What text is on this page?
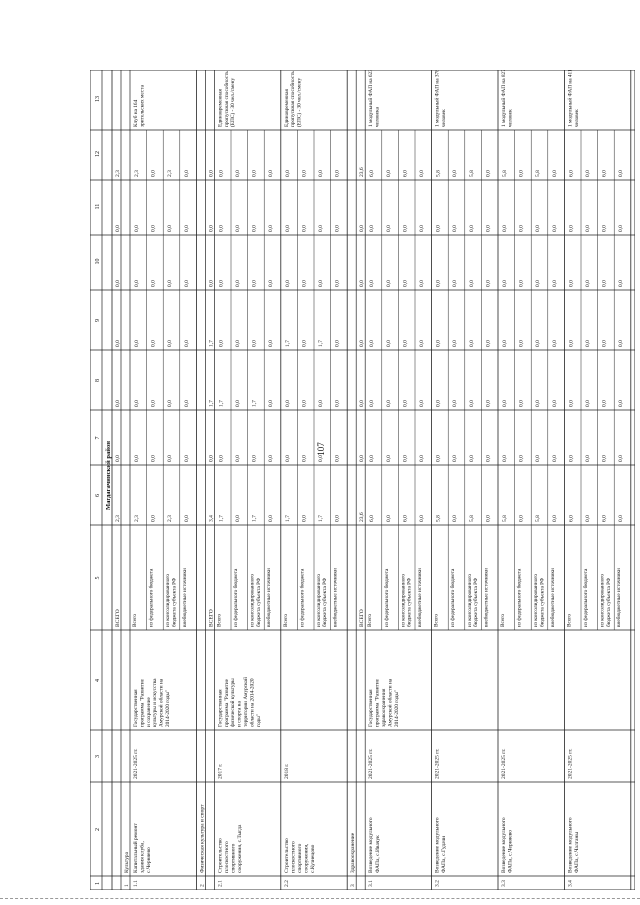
107
1
2
3
4
5
6
7
8
9
10
11
12
13
Магдагачинский район
ВСЕГО
2,3
0,0
0,0
0,0
0,0
0,0
2,3
1
Культура
1.1
Капитальный ремонт здания клуба, с.Черняево
2021-2025 гг.
Государственная программа "Развитие и сохранение культуры и искусства Амурской области на 2014-2020 годы"
Клуб на 164 зрительских места
Всего
2,3
0,0
0,0
0,0
0,0
0,0
2,3
из федерального бюджета
0,0
0,0
0,0
0,0
0,0
0,0
0,0
из консолидированного бюджета субъекта РФ
2,3
0,0
0,0
0,0
0,0
0,0
2,3
внебюджетные источники
0,0
0,0
0,0
0,0
0,0
0,0
0,0
2
Физическая культура и спорт
ВСЕГО
3,4
0,0
1,7
1,7
0,0
0,0
0,0
2.1
Строительство плоскостного спортивного сооружения, с.Тыгда
2017 г.
Государственная программа "Развитие физической культуры и спорта на территории Амурской области на 2014-2020 годы"
Единовременная пропускная способность (ЕПС) - 30 чел./смену
Всего
1,7
0,0
1,7
0,0
0,0
0,0
0,0
из федерального бюджета
0,0
0,0
0,0
0,0
0,0
0,0
0,0
из консолидированного бюджета субъекта РФ
1,7
0,0
1,7
0,0
0,0
0,0
0,0
внебюджетные источники
0,0
0,0
0,0
0,0
0,0
0,0
0,0
2.2
Строительство плоскостного спортивного сооружения, с.Кузнецово
2018 г.
Единовременная пропускная способность (ЕПС) - 30 чел./смену
Всего
1,7
0,0
0,0
1,7
0,0
0,0
0,0
из федерального бюджета
0,0
0,0
0,0
0,0
0,0
0,0
0,0
из консолидированного бюджета субъекта РФ
1,7
0,0
0,0
1,7
0,0
0,0
0,0
внебюджетные источники
0,0
0,0
0,0
0,0
0,0
0,0
0,0
3
Здравоохранение
ВСЕГО
23,6
0,0
0,0
0,0
0,0
0,0
23,6
3.1
Возведение модульного ФАПа, с.Ивачук
2021-2025 гг.
Государственная программа "Развитие здравоохранения Амурской области на 2014-2020 годы"
1 модульный ФАП на 623 человека
Всего
6,0
0,0
0,0
0,0
0,0
0,0
6,0
из федерального бюджета
0,0
0,0
0,0
0,0
0,0
0,0
0,0
из консолидированного бюджета субъекта РФ
6,0
0,0
0,0
0,0
0,0
0,0
6,0
внебюджетные источники
0,0
0,0
0,0
0,0
0,0
0,0
0,0
3.2
Возведение модульного ФАПа, с.Гудачи
2021-2025 гг.
1 модульный ФАП на 378 человек
Всего
5,8
0,0
0,0
0,0
0,0
0,0
5,8
из федерального бюджета
0,0
0,0
0,0
0,0
0,0
0,0
0,0
из консолидированного бюджета субъекта РФ
5,8
0,0
0,0
0,0
0,0
0,0
5,8
внебюджетные источники
0,0
0,0
0,0
0,0
0,0
0,0
0,0
3.3
Возведение модульного ФАПа, с.Черняево
2021-2025 гг.
1 модульный ФАП на 827 человек
Всего
5,8
0,0
0,0
0,0
0,0
0,0
5,8
из федерального бюджета
0,0
0,0
0,0
0,0
0,0
0,0
0,0
из консолидированного бюджета субъекта РФ
5,8
0,0
0,0
0,0
0,0
0,0
5,8
внебюджетные источники
0,0
0,0
0,0
0,0
0,0
0,0
0,0
3.4
Возведение модульного ФАПа, с.Чалганы
2021-2025 гг.
1 модульный ФАП на 411 человек
Всего
6,0
0,0
0,0
0,0
0,0
0,0
6,0
из федерального бюджета
0,0
0,0
0,0
0,0
0,0
0,0
0,0
из консолидированного бюджета субъекта РФ
6,0
0,0
0,0
0,0
0,0
0,0
6,0
внебюджетные источники
0,0
0,0
0,0
0,0
0,0
0,0
0,0
